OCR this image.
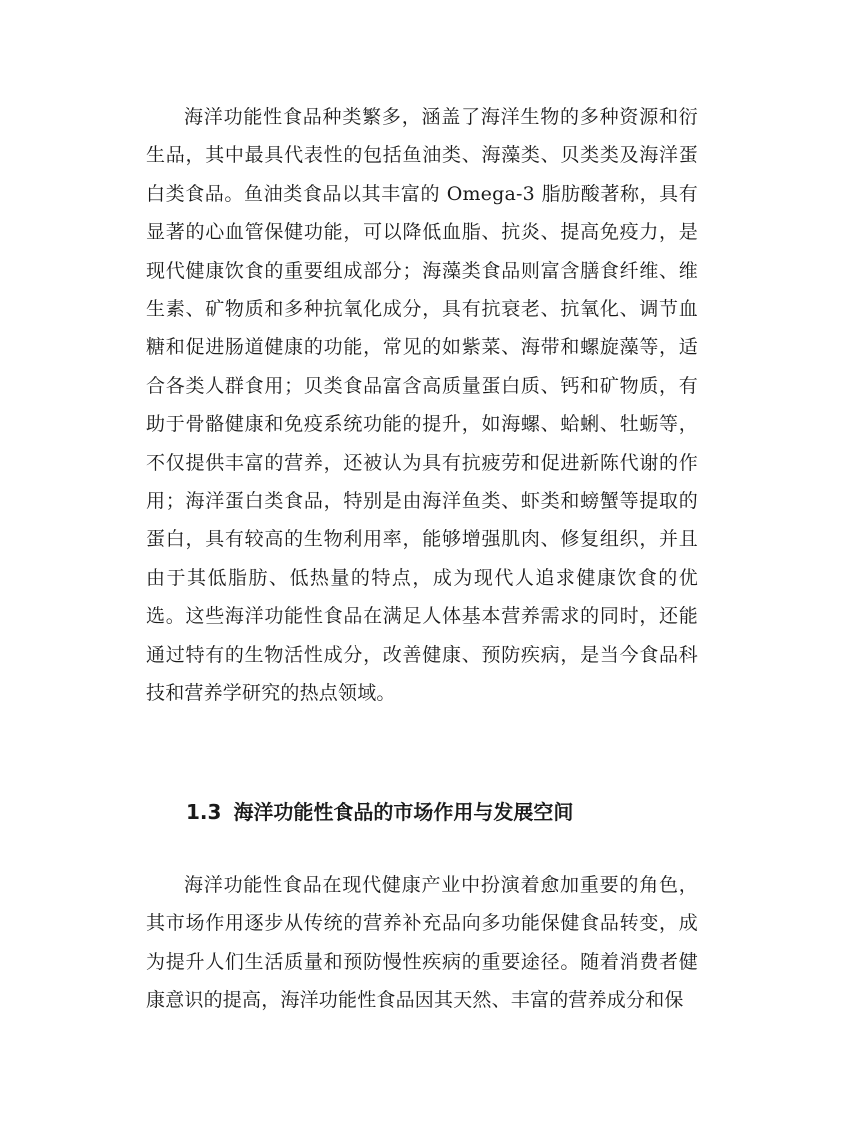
海洋功能性食品种类繁多，涵盖了海洋生物的多种资源和衍生品，其中最具代表性的包括鱼油类、海藻类、贝类类及海洋蛋白类食品。鱼油类食品以其丰富的 Omega-3 脂肪酸著称，具有显著的心血管保健功能，可以降低血脂、抗炎、提高免疫力，是现代健康饮食的重要组成部分；海藻类食品则富含膳食纤维、维生素、矿物质和多种抗氧化成分，具有抗衰老、抗氧化、调节血糖和促进肠道健康的功能，常见的如紫菜、海带和螺旋藻等，适合各类人群食用；贝类食品富含高质量蛋白质、钙和矿物质，有助于骨骼健康和免疫系统功能的提升，如海螺、蛤蜊、牡蛎等，不仅提供丰富的营养，还被认为具有抗疲劳和促进新陈代谢的作用；海洋蛋白类食品，特别是由海洋鱼类、虾类和螃蟹等提取的蛋白，具有较高的生物利用率，能够增强肌肉、修复组织，并且由于其低脂肪、低热量的特点，成为现代人追求健康饮食的优选。这些海洋功能性食品在满足人体基本营养需求的同时，还能通过特有的生物活性成分，改善健康、预防疾病，是当今食品科技和营养学研究的热点领域。

1.3 海洋功能性食品的市场作用与发展空间

海洋功能性食品在现代健康产业中扮演着愈加重要的角色，其市场作用逐步从传统的营养补充品向多功能保健食品转变，成为提升人们生活质量和预防慢性疾病的重要途径。随着消费者健康意识的提高，海洋功能性食品因其天然、丰富的营养成分和保
